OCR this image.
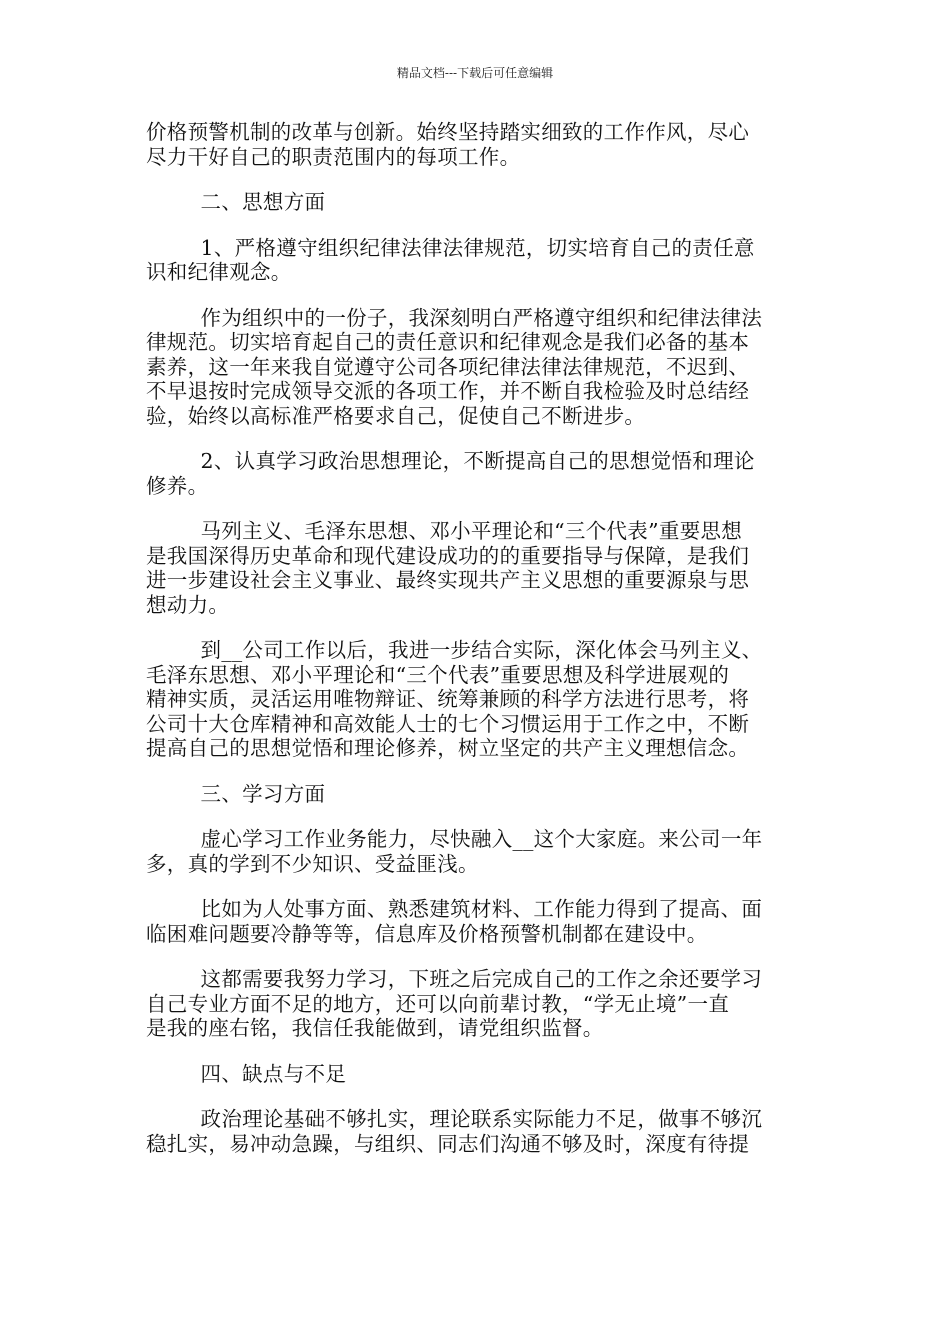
精品文档---下载后可任意编辑

价格预警机制的改革与创新。始终坚持踏实细致的工作作风，尽心
尽力干好自己的职责范围内的每项工作。

二、思想方面

1、严格遵守组织纪律法律法律规范，切实培育自己的责任意
识和纪律观念。

作为组织中的一份子，我深刻明白严格遵守组织和纪律法律法
律规范。切实培育起自己的责任意识和纪律观念是我们必备的基本
素养，这一年来我自觉遵守公司各项纪律法律法律规范，不迟到、
不早退按时完成领导交派的各项工作，并不断自我检验及时总结经
验，始终以高标准严格要求自己，促使自己不断进步。

2、认真学习政治思想理论，不断提高自己的思想觉悟和理论
修养。

马列主义、毛泽东思想、邓小平理论和“三个代表”重要思想
是我国深得历史革命和现代建设成功的的重要指导与保障，是我们
进一步建设社会主义事业、最终实现共产主义思想的重要源泉与思
想动力。

到__公司工作以后，我进一步结合实际，深化体会马列主义、
毛泽东思想、邓小平理论和“三个代表”重要思想及科学进展观的
精神实质，灵活运用唯物辩证、统筹兼顾的科学方法进行思考，将
公司十大仓库精神和高效能人士的七个习惯运用于工作之中，不断
提高自己的思想觉悟和理论修养，树立坚定的共产主义理想信念。

三、学习方面

虚心学习工作业务能力，尽快融入__这个大家庭。来公司一年
多，真的学到不少知识、受益匪浅。

比如为人处事方面、熟悉建筑材料、工作能力得到了提高、面
临困难问题要冷静等等，信息库及价格预警机制都在建设中。

这都需要我努力学习，下班之后完成自己的工作之余还要学习
自己专业方面不足的地方，还可以向前辈讨教，“学无止境”一直
是我的座右铭，我信任我能做到，请党组织监督。

四、缺点与不足

政治理论基础不够扎实，理论联系实际能力不足，做事不够沉
稳扎实，易冲动急躁，与组织、同志们沟通不够及时，深度有待提
